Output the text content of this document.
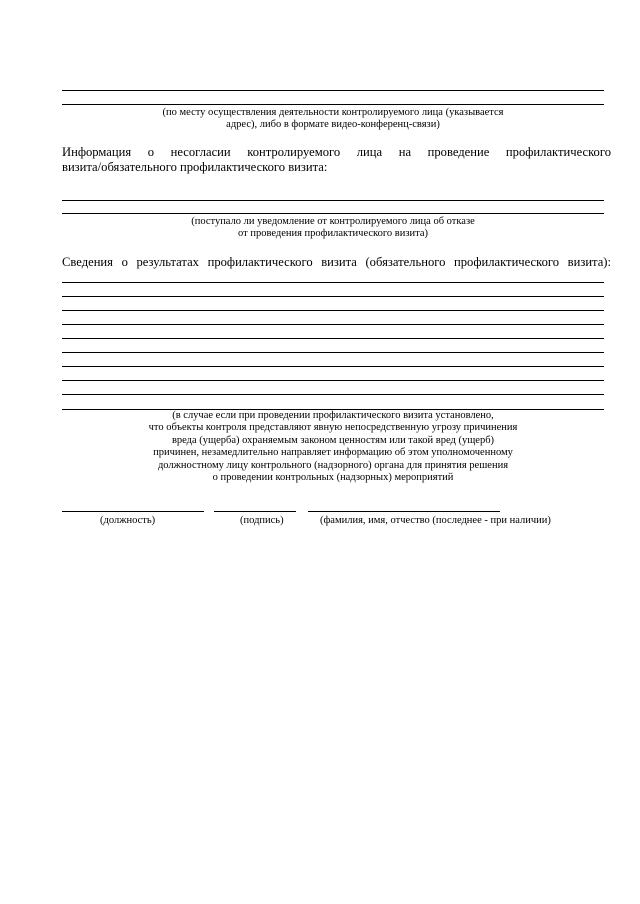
(по месту осуществления деятельности контролируемого лица (указывается
адрес), либо в формате видео-конференц-связи)
Информация о несогласии контролируемого лица на проведение профилактического
визита/обязательного профилактического визита:
(поступало ли уведомление от контролируемого лица об отказе
от проведения профилактического визита)
Сведения о результатах профилактического визита (обязательного профилактического визита):
(в случае если при проведении профилактического визита установлено,
что объекты контроля представляют явную непосредственную угрозу причинения
вреда (ущерба) охраняемым законом ценностям или такой вред (ущерб)
причинен, незамедлительно направляет информацию об этом уполномоченному
должностному лицу контрольного (надзорного) органа для принятия решения
о проведении контрольных (надзорных) мероприятий
(должность)	(подпись)	(фамилия, имя, отчество (последнее - при наличии)
